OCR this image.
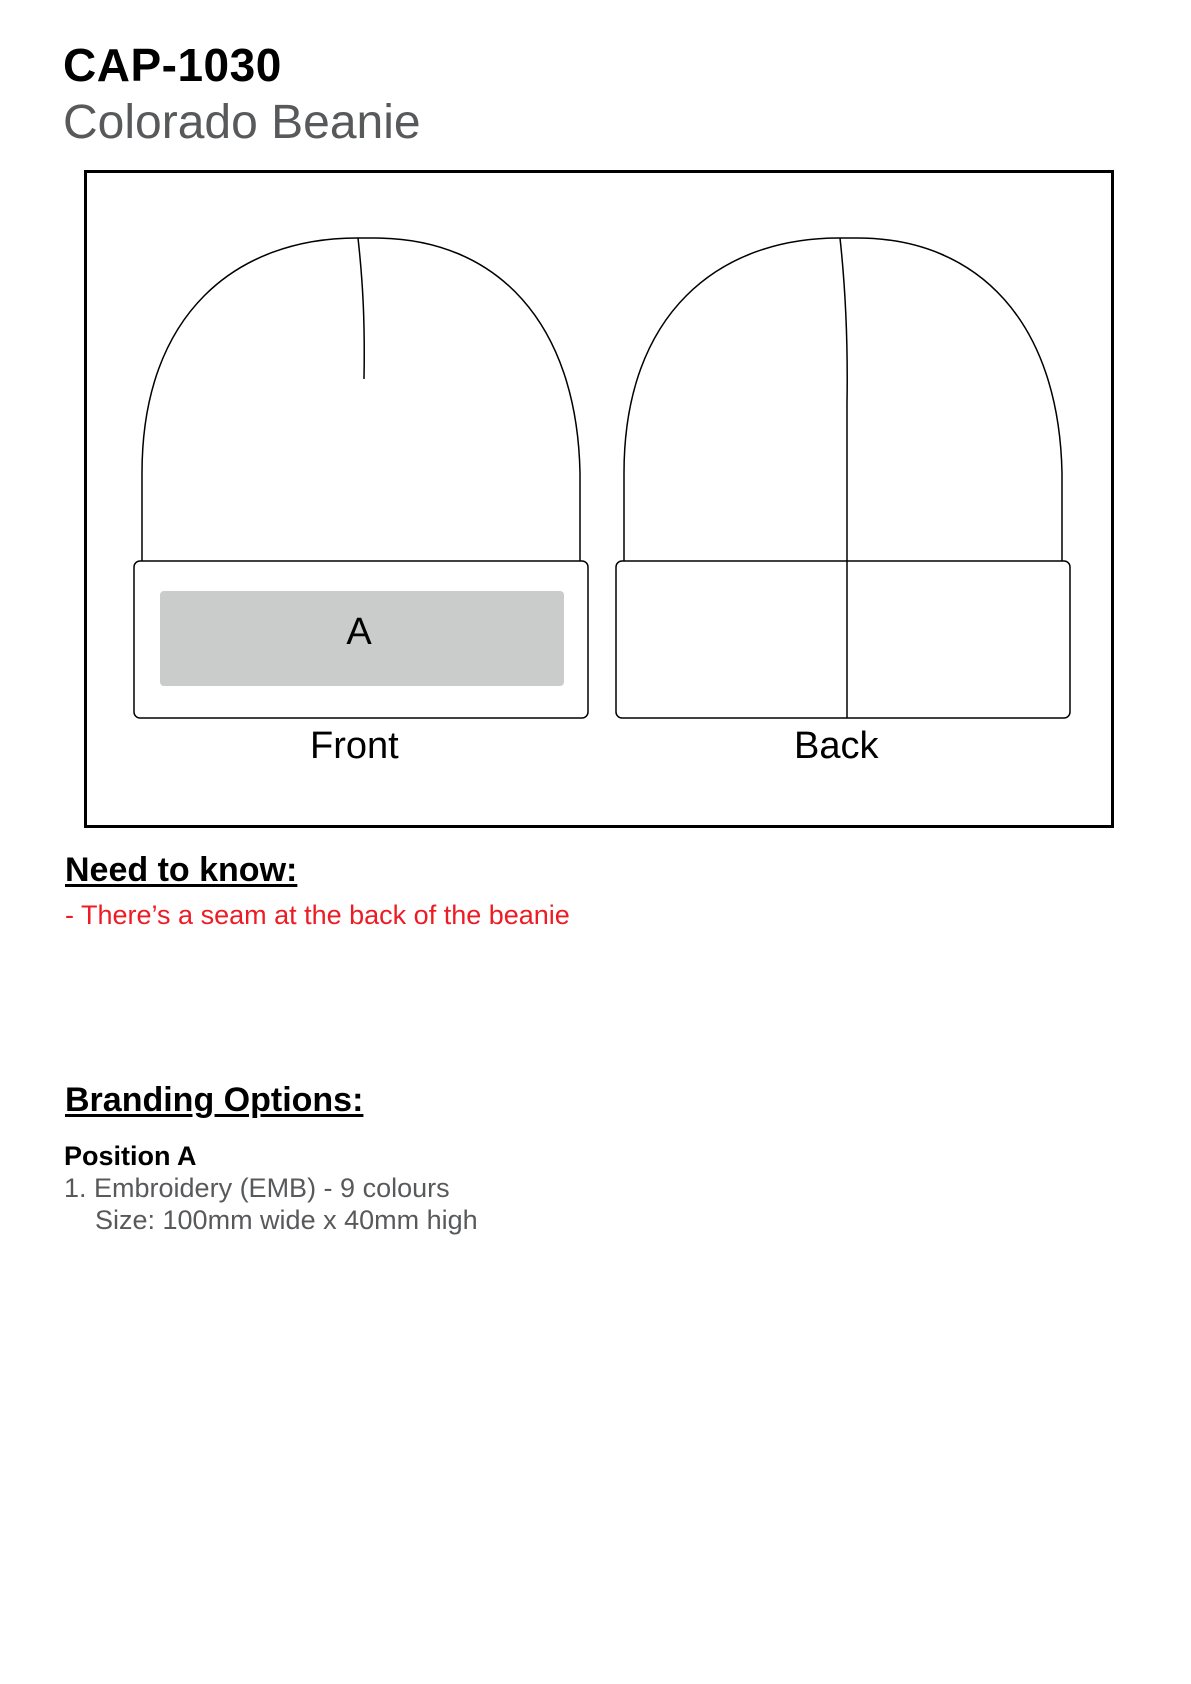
CAP-1030
Colorado Beanie
A
Front	Back
Need to know:
- There’s a seam at the back of the beanie
Branding Options:
Position A
1. Embroidery (EMB) - 9 colours
Size: 100mm wide x 40mm high
